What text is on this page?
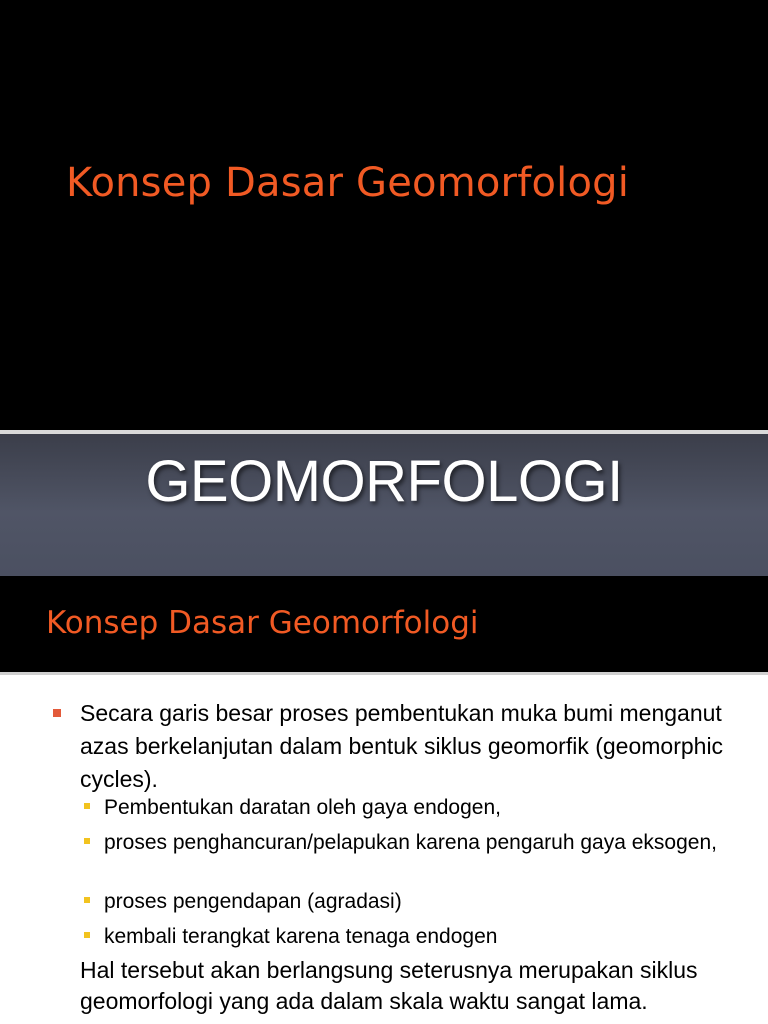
Konsep Dasar Geomorfologi
GEOMORFOLOGI
Konsep Dasar Geomorfologi
Secara garis besar proses pembentukan muka bumi menganut azas berkelanjutan dalam bentuk siklus geomorfik (geomorphic cycles).
Pembentukan daratan oleh gaya endogen,
proses penghancuran/pelapukan karena pengaruh gaya eksogen,
proses pengendapan (agradasi)
kembali terangkat karena tenaga endogen
Hal tersebut akan berlangsung seterusnya merupakan siklus geomorfologi yang ada dalam skala waktu sangat lama.
